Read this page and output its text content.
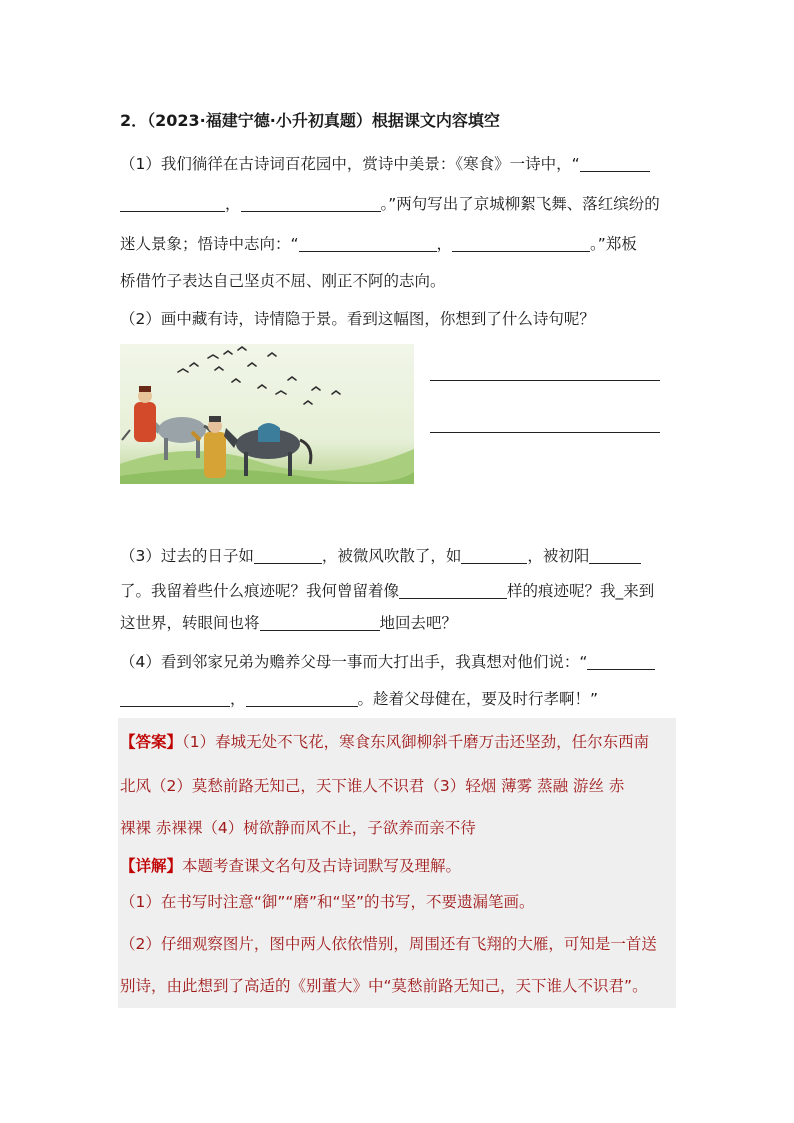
2．（2023·福建宁德·小升初真题）根据课文内容填空
（1）我们徜徉在古诗词百花园中，赏诗中美景：《寒食》一诗中，“
，	。”两句写出了京城柳絮飞舞、落红缤纷的
迷人景象；悟诗中志向：“	，	。”郑板
桥借竹子表达自己坚贞不屈、刚正不阿的志向。
（2）画中藏有诗，诗情隐于景。看到这幅图，你想到了什么诗句呢？
（3）过去的日子如	，被微风吹散了，如	，被初阳
了。我留着些什么痕迹呢？我何曾留着像	样的痕迹呢？我_来到
这世界，转眼间也将	地回去吧？
（4）看到邻家兄弟为赡养父母一事而大打出手，我真想对他们说：“
，	。趁着父母健在，要及时行孝啊！”
【答案】（1）春城无处不飞花，寒食东风御柳斜千磨万击还坚劲，任尔东西南
北风（2）莫愁前路无知己，天下谁人不识君（3）轻烟 薄雾 蒸融 游丝 赤
裸裸 赤裸裸（4）树欲静而风不止，子欲养而亲不待
【详解】本题考查课文名句及古诗词默写及理解。
（1）在书写时注意“御”“磨”和“坚”的书写，不要遗漏笔画。
（2）仔细观察图片，图中两人依依惜别，周围还有飞翔的大雁，可知是一首送
别诗，由此想到了高适的《别董大》中“莫愁前路无知己，天下谁人不识君”。
